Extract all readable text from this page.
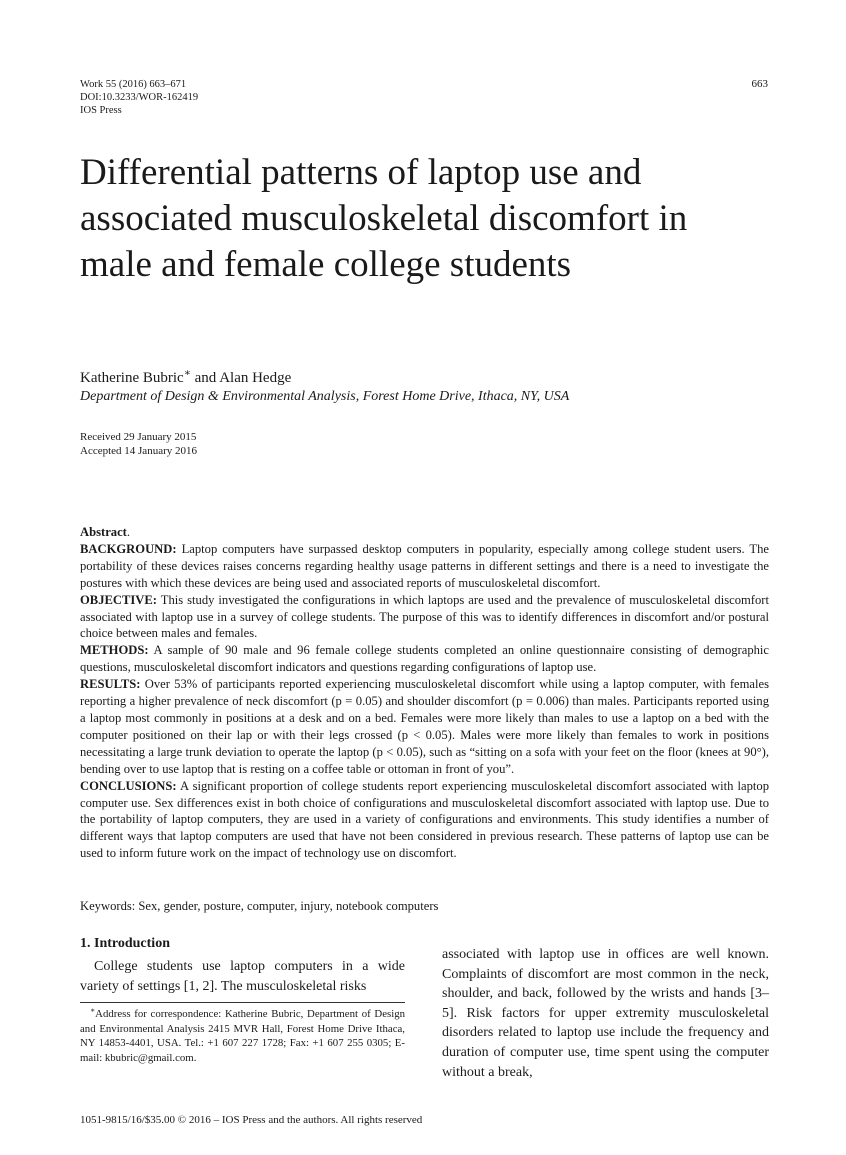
Work 55 (2016) 663–671
DOI:10.3233/WOR-162419
IOS Press
663
Differential patterns of laptop use and associated musculoskeletal discomfort in male and female college students
Katherine Bubric∗ and Alan Hedge
Department of Design & Environmental Analysis, Forest Home Drive, Ithaca, NY, USA
Received 29 January 2015
Accepted 14 January 2016

Abstract.

BACKGROUND: Laptop computers have surpassed desktop computers in popularity, especially among college student users. The portability of these devices raises concerns regarding healthy usage patterns in different settings and there is a need to investigate the postures with which these devices are being used and associated reports of musculoskeletal discomfort.

OBJECTIVE: This study investigated the configurations in which laptops are used and the prevalence of musculoskeletal discomfort associated with laptop use in a survey of college students. The purpose of this was to identify differences in discomfort and/or postural choice between males and females.

METHODS: A sample of 90 male and 96 female college students completed an online questionnaire consisting of demographic questions, musculoskeletal discomfort indicators and questions regarding configurations of laptop use.

RESULTS: Over 53% of participants reported experiencing musculoskeletal discomfort while using a laptop computer, with females reporting a higher prevalence of neck discomfort (p = 0.05) and shoulder discomfort (p = 0.006) than males. Participants reported using a laptop most commonly in positions at a desk and on a bed. Females were more likely than males to use a laptop on a bed with the computer positioned on their lap or with their legs crossed (p < 0.05). Males were more likely than females to work in positions necessitating a large trunk deviation to operate the laptop (p < 0.05), such as “sitting on a sofa with your feet on the floor (knees at 90°), bending over to use laptop that is resting on a coffee table or ottoman in front of you”.

CONCLUSIONS: A significant proportion of college students report experiencing musculoskeletal discomfort associated with laptop computer use. Sex differences exist in both choice of configurations and musculoskeletal discomfort associated with laptop use. Due to the portability of laptop computers, they are used in a variety of configurations and environments. This study identifies a number of different ways that laptop computers are used that have not been considered in previous research. These patterns of laptop use can be used to inform future work on the impact of technology use on discomfort.

Keywords: Sex, gender, posture, computer, injury, notebook computers
1. Introduction

College students use laptop computers in a wide variety of settings [1, 2]. The musculoskeletal risks

∗Address for correspondence: Katherine Bubric, Department of Design and Environmental Analysis 2415 MVR Hall, Forest Home Drive Ithaca, NY 14853-4401, USA. Tel.: +1 607 227 1728; Fax: +1 607 255 0305; E-mail: kbubric@gmail.com.

associated with laptop use in offices are well known. Complaints of discomfort are most common in the neck, shoulder, and back, followed by the wrists and hands [3–5]. Risk factors for upper extremity musculoskeletal disorders related to laptop use include the frequency and duration of computer use, time spent using the computer without a break,
1051-9815/16/$35.00 © 2016 – IOS Press and the authors. All rights reserved
